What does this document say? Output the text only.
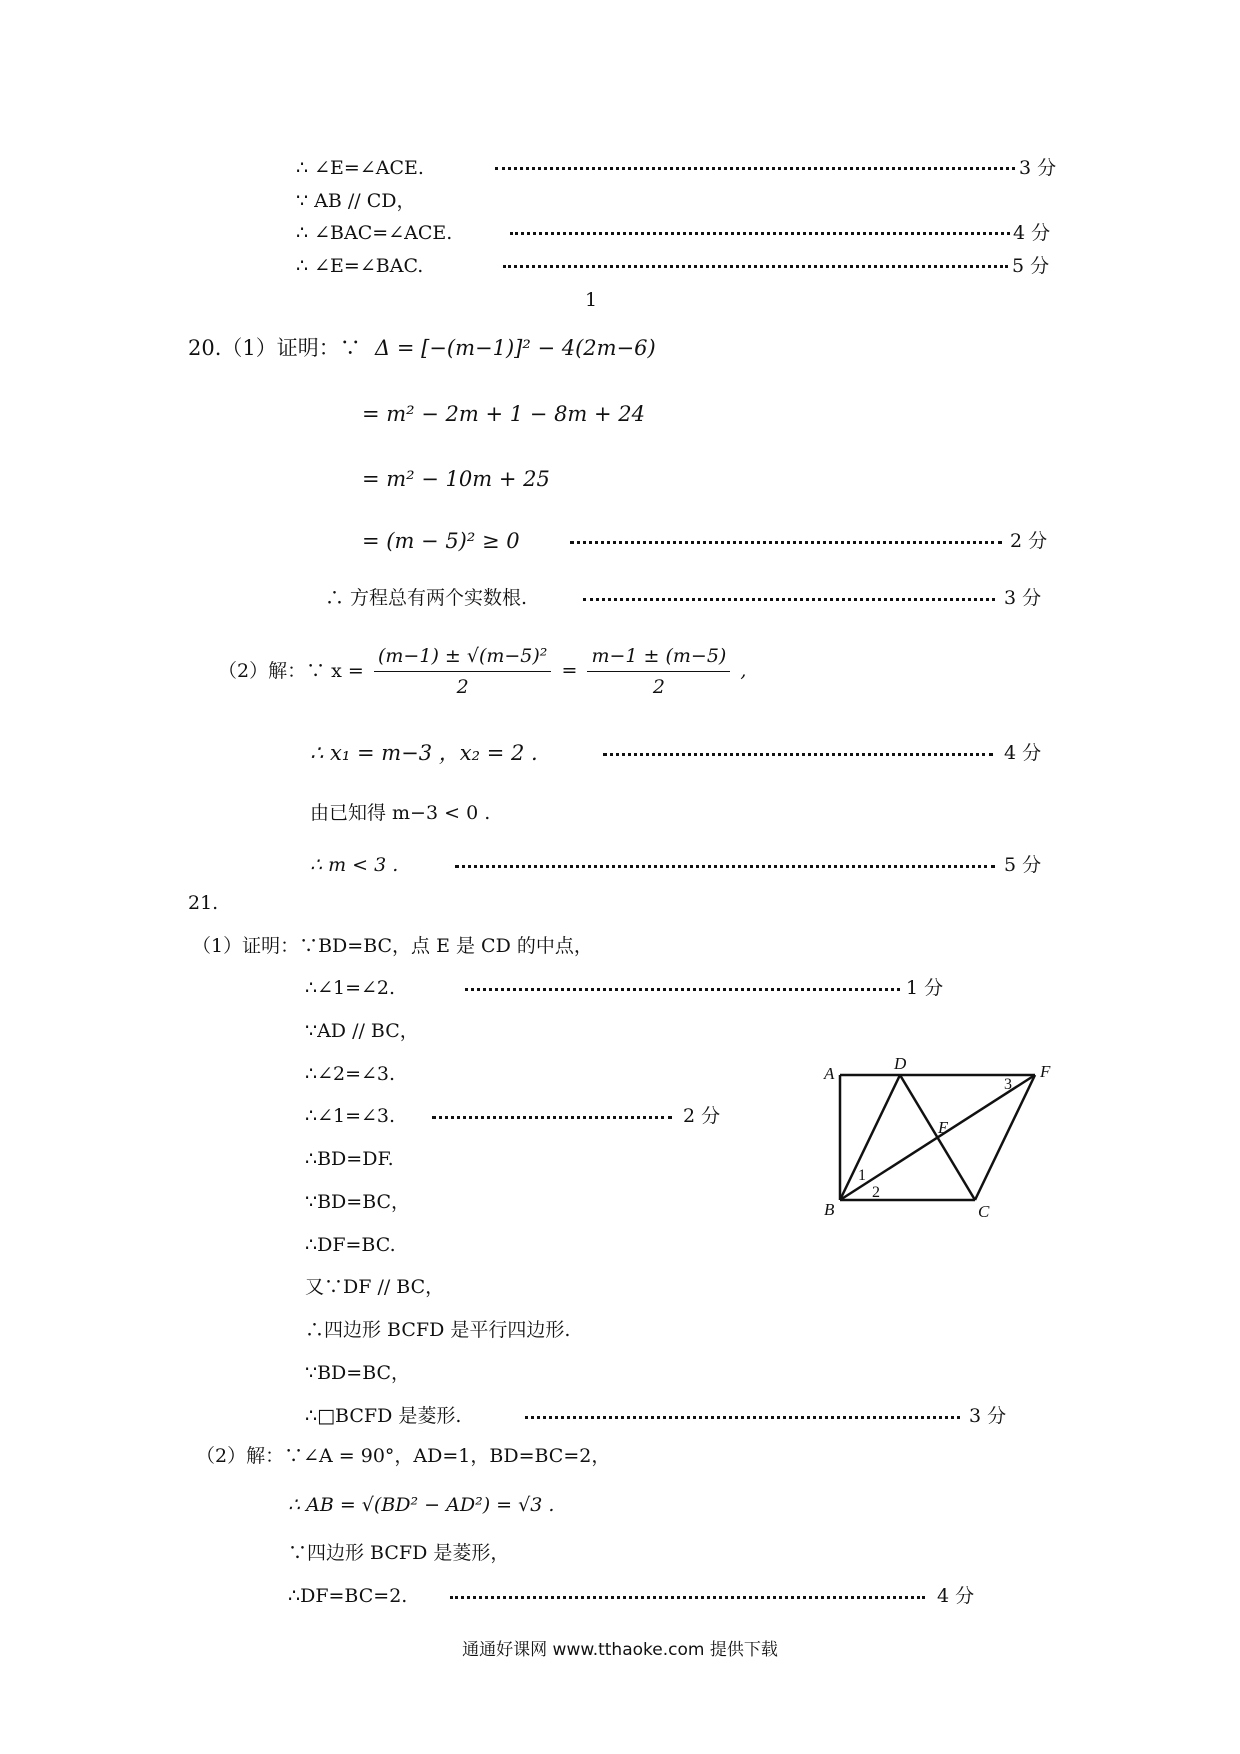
∴ ∠E=∠ACE.	3 分
∵ AB // CD，
∴ ∠BAC=∠ACE.	4 分
∴ ∠E=∠BAC.	5 分
1
20.（1）证明：∵ Δ = [−(m−1)]² − 4(2m−6)
= m² − 2m + 1 − 8m + 24
= m² − 10m + 25
= (m − 5)² ≥ 0	2 分
∴ 方程总有两个实数根.	3 分
（2）解：∵ $x = \frac{\text{(m−1) ± √(m−5)²}}{2} = \frac{m-1 \pm (m-5)}{2}$ ,
∴ x₁ = m−3 ，x₂ = 2 .	4 分
由已知得 m−3 < 0 .
∴ m < 3 .	5 分
21.
（1）证明：∵BD=BC，点 E 是 CD 的中点，
∴∠1=∠2.	1 分
∵AD // BC，
∴∠2=∠3.
∴∠1=∠3.	2 分
∴BD=DF.
∵BD=BC，
∴DF=BC.
又∵DF // BC，
∴四边形 BCFD 是平行四边形.
∵BD=BC，
∴□BCFD 是菱形.	3 分
（2）解：∵∠A = 90°，AD=1，BD=BC=2，
∴ AB = √(BD² − AD²) = √3 .
∵四边形 BCFD 是菱形，
∴DF=BC=2.	4 分
A
D	F
E
B	C
1
2
3
通通好课网 www.tthaoke.com 提供下载
